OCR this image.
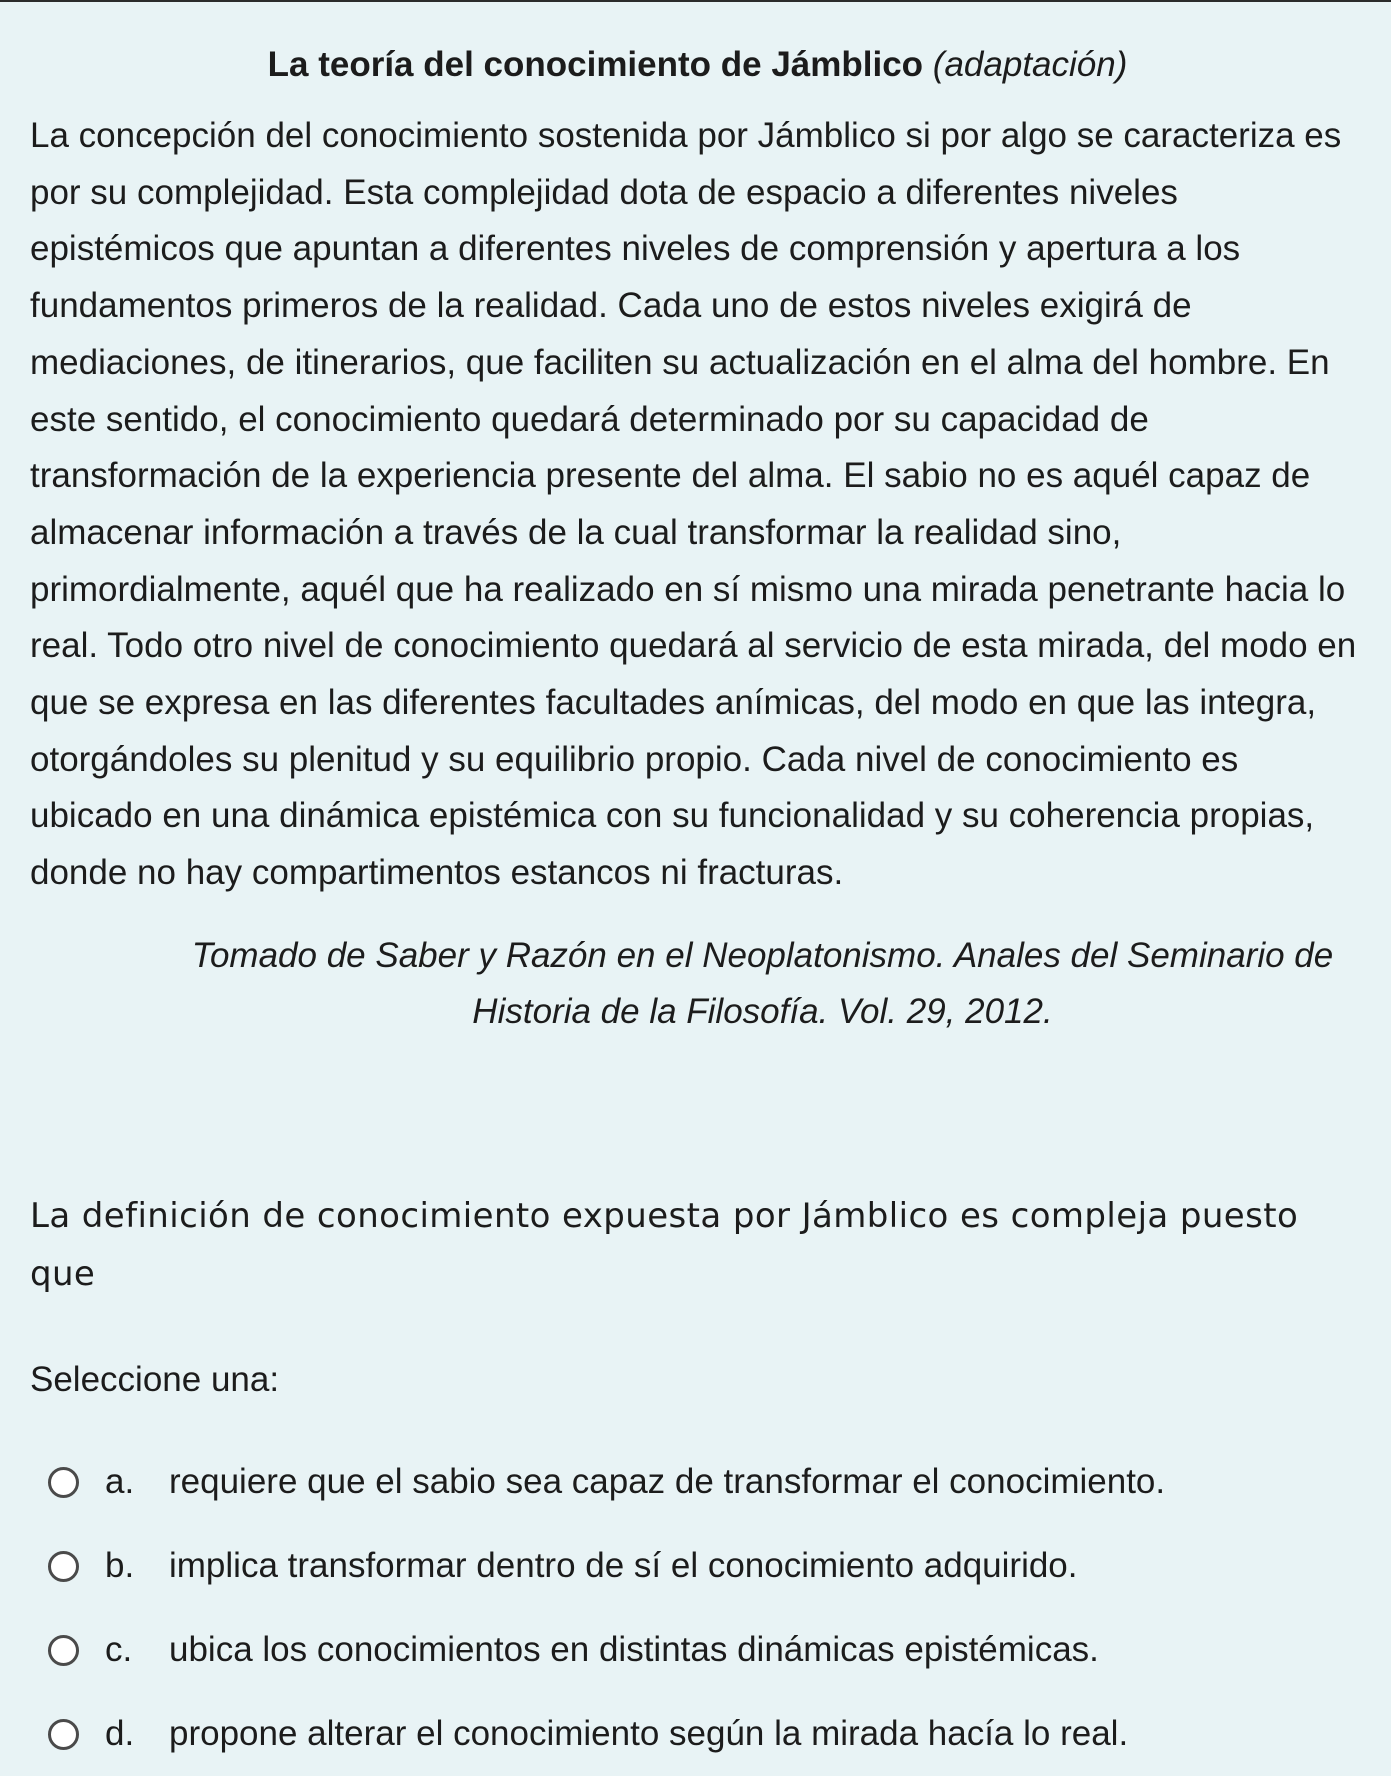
La teoría del conocimiento de Jámblico (adaptación)

La concepción del conocimiento sostenida por Jámblico si por algo se caracteriza es por su complejidad. Esta complejidad dota de espacio a diferentes niveles epistémicos que apuntan a diferentes niveles de comprensión y apertura a los fundamentos primeros de la realidad. Cada uno de estos niveles exigirá de mediaciones, de itinerarios, que faciliten su actualización en el alma del hombre. En este sentido, el conocimiento quedará determinado por su capacidad de transformación de la experiencia presente del alma. El sabio no es aquél capaz de almacenar información a través de la cual transformar la realidad sino, primordialmente, aquél que ha realizado en sí mismo una mirada penetrante hacia lo real. Todo otro nivel de conocimiento quedará al servicio de esta mirada, del modo en que se expresa en las diferentes facultades anímicas, del modo en que las integra, otorgándoles su plenitud y su equilibrio propio. Cada nivel de conocimiento es ubicado en una dinámica epistémica con su funcionalidad y su coherencia propias, donde no hay compartimentos estancos ni fracturas.

Tomado de Saber y Razón en el Neoplatonismo. Anales del Seminario de Historia de la Filosofía. Vol. 29, 2012.

La definición de conocimiento expuesta por Jámblico es compleja puesto que

Seleccione una:

a. requiere que el sabio sea capaz de transformar el conocimiento.
b. implica transformar dentro de sí el conocimiento adquirido.
c.	ubica los conocimientos en distintas dinámicas epistémicas.
d. propone alterar el conocimiento según la mirada hacía lo real.
